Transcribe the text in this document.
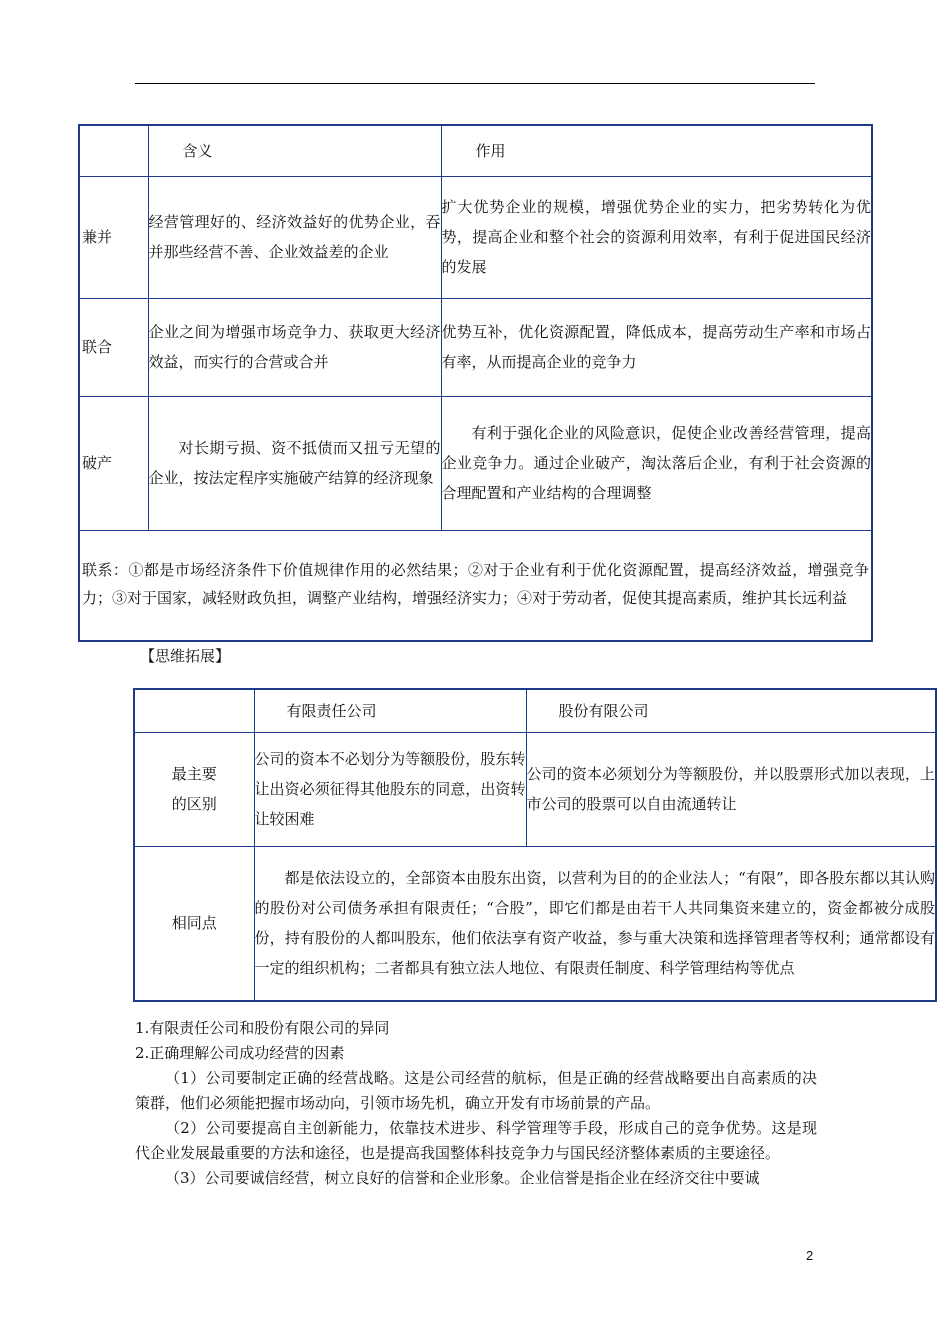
	含义	作用
兼并	经营管理好的、经济效益好的优势企业，吞并那些经营不善、企业效益差的企业	扩大优势企业的规模，增强优势企业的实力，把劣势转化为优势，提高企业和整个社会的资源利用效率，有利于促进国民经济的发展
联合	企业之间为增强市场竞争力、获取更大经济效益，而实行的合营或合并	优势互补，优化资源配置，降低成本，提高劳动生产率和市场占有率，从而提高企业的竞争力
破产	对长期亏损、资不抵债而又扭亏无望的企业，按法定程序实施破产结算的经济现象	有利于强化企业的风险意识，促使企业改善经营管理，提高企业竞争力。通过企业破产，淘汰落后企业，有利于社会资源的合理配置和产业结构的合理调整
联系：①都是市场经济条件下价值规律作用的必然结果；②对于企业有利于优化资源配置，提高经济效益，增强竞争力；③对于国家，减轻财政负担，调整产业结构，增强经济实力；④对于劳动者，促使其提高素质，维护其长远利益		
【思维拓展】
	有限责任公司	股份有限公司

最主要
的区别	公司的资本不必划分为等额股份，股东转让出资必须征得其他股东的同意，出资转让较困难	公司的资本必须划分为等额股份，并以股票形式加以表现，上市公司的股票可以自由流通转让
相同点	都是依法设立的，全部资本由股东出资，以营利为目的的企业法人；“有限”，即各股东都以其认购的股份对公司债务承担有限责任；“合股”，即它们都是由若干人共同集资来建立的，资金都被分成股份，持有股份的人都叫股东，他们依法享有资产收益，参与重大决策和选择管理者等权利；通常都设有一定的组织机构；二者都具有独立法人地位、有限责任制度、科学管理结构等优点	

1.有限责任公司和股份有限公司的异同

2.正确理解公司成功经营的因素

（1）公司要制定正确的经营战略。这是公司经营的航标，但是正确的经营战略要出自高素质的决策群，他们必须能把握市场动向，引领市场先机，确立开发有市场前景的产品。

（2）公司要提高自主创新能力，依靠技术进步、科学管理等手段，形成自己的竞争优势。这是现代企业发展最重要的方法和途径，也是提高我国整体科技竞争力与国民经济整体素质的主要途径。

（3）公司要诚信经营，树立良好的信誉和企业形象。企业信誉是指企业在经济交往中要诚

2
